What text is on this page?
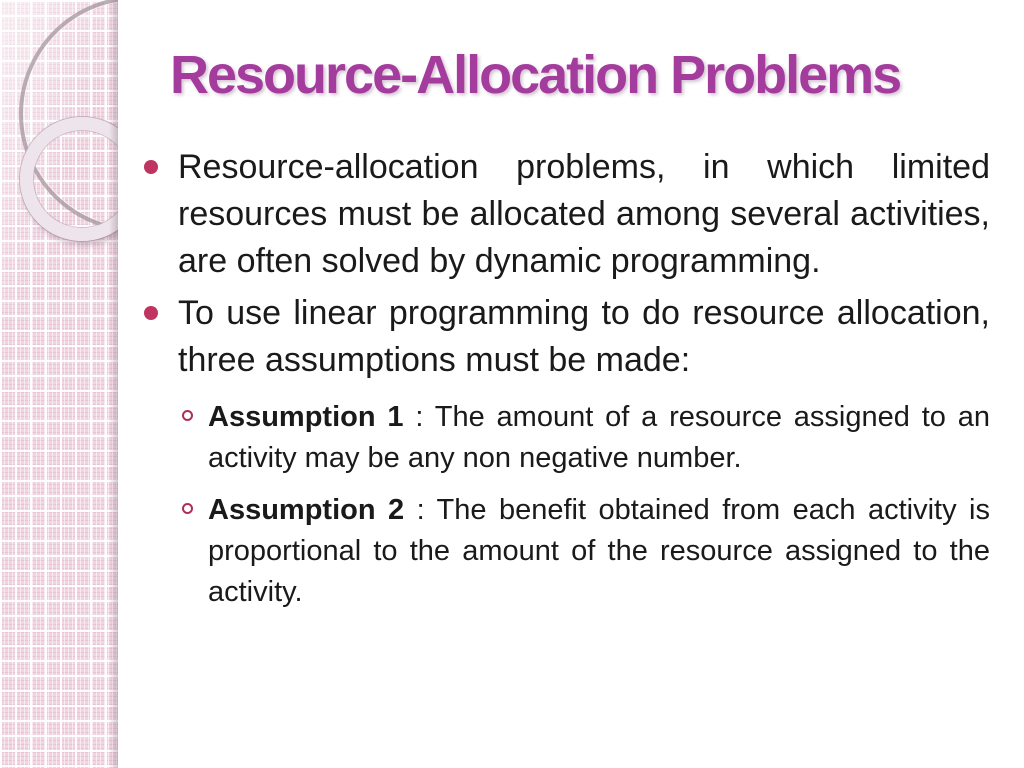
Resource-Allocation Problems
Resource-allocation problems, in which limited resources must be allocated among several activities, are often solved by dynamic programming.
To use linear programming to do resource allocation, three assumptions must be made:
Assumption 1 : The amount of a resource assigned to an activity may be any non negative number.
Assumption 2 : The benefit obtained from each activity is proportional to the amount of the resource assigned to the activity.
